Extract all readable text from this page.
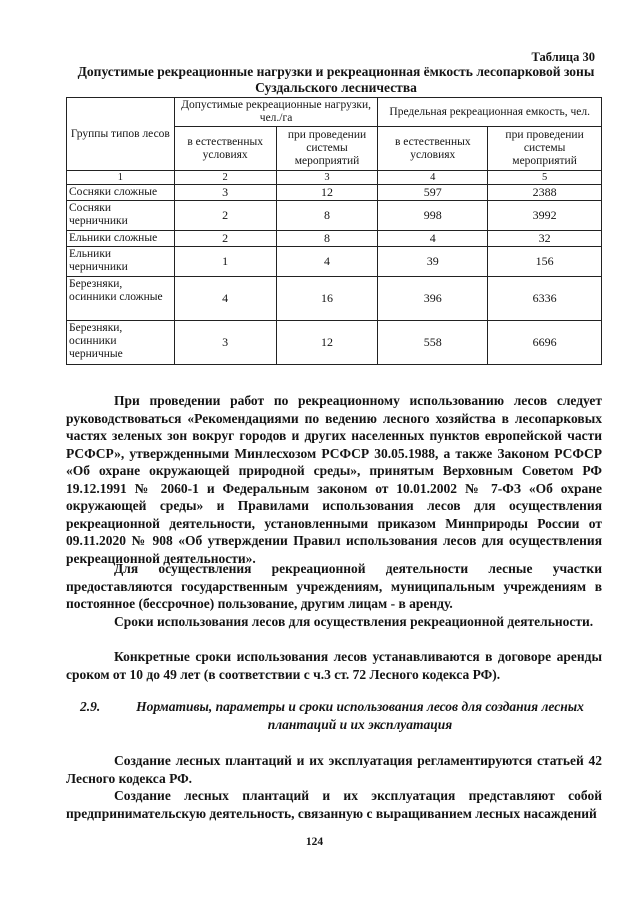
Таблица 30
Допустимые рекреационные нагрузки и рекреационная ёмкость лесопарковой зоны Суздальского лесничества
Группы типов лесов	Допустимые рекреационные нагрузки, чел./га		Предельная рекреационная емкость, чел.	
	в естественных условиях	при проведении системы мероприятий	в естественных условиях	при проведении системы мероприятий
1	2	3	4	5
Сосняки сложные	3	12	597	2388
Сосняки черничники	2	8	998	3992
Ельники сложные	2	8	4	32
Ельники черничники	1	4	39	156
Березняки, осинники сложные	4	16	396	6336
Березняки, осинники черничные	3	12	558	6696

При проведении работ по рекреационному использованию лесов следует руководствоваться «Рекомендациями по ведению лесного хозяйства в лесопарковых частях зеленых зон вокруг городов и других населенных пунктов европейской части РСФСР», утвержденными Минлесхозом РСФСР 30.05.1988, а также Законом РСФСР «Об охране окружающей природной среды», принятым Верховным Советом РФ 19.12.1991 № 2060-1 и Федеральным законом от 10.01.2002 № 7-ФЗ «Об охране окружающей среды» и Правилами использования лесов для осуществления рекреационной деятельности, установленными приказом Минприроды России от 09.11.2020 № 908 «Об утверждении Правил использования лесов для осуществления рекреационной деятельности».

Для осуществления рекреационной деятельности лесные участки предоставляются государственным учреждениям, муниципальным учреждениям в постоянное (бессрочное) пользование, другим лицам - в аренду.

Сроки использования лесов для осуществления рекреационной деятельности.

Конкретные сроки использования лесов устанавливаются в договоре аренды сроком от 10 до 49 лет (в соответствии с ч.3 ст. 72 Лесного кодекса РФ).

2.9.	Нормативы, параметры и сроки использования лесов для создания лесных плантаций и их эксплуатация

Создание лесных плантаций и их эксплуатация регламентируются статьей 42 Лесного кодекса РФ.

Создание лесных плантаций и их эксплуатация представляют собой предпринимательскую деятельность, связанную с выращиванием лесных насаждений

124
